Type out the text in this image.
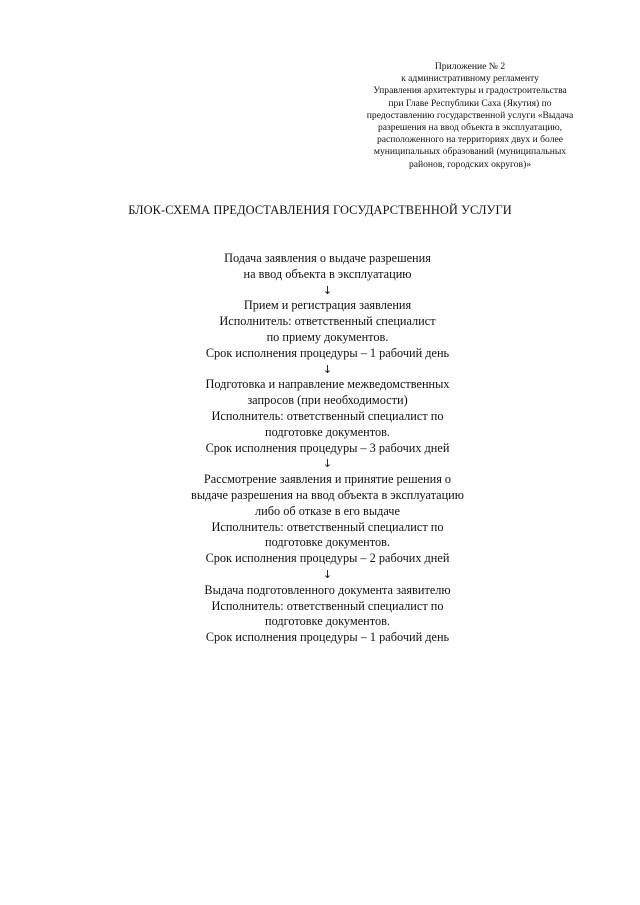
Приложение № 2
к административному регламенту
Управления архитектуры и градостроительства
при Главе Республики Саха (Якутия) по
предоставлению государственной услуги «Выдача
разрешения на ввод объекта в эксплуатацию,
расположенного на территориях двух и более
муниципальных образований (муниципальных
районов, городских округов)»
БЛОК-СХЕМА ПРЕДОСТАВЛЕНИЯ ГОСУДАРСТВЕННОЙ УСЛУГИ
Подача заявления о выдаче разрешения
на ввод объекта в эксплуатацию
↓
Прием и регистрация заявления
Исполнитель: ответственный специалист
по приему документов.
Срок исполнения процедуры – 1 рабочий день
↓
Подготовка и направление межведомственных
запросов (при необходимости)
Исполнитель: ответственный специалист по
подготовке документов.
Срок исполнения процедуры – 3 рабочих дней
↓
Рассмотрение заявления и принятие решения о
выдаче разрешения на ввод объекта в эксплуатацию
либо об отказе в его выдаче
Исполнитель: ответственный специалист по
подготовке документов.
Срок исполнения процедуры – 2 рабочих дней
↓
Выдача подготовленного документа заявителю
Исполнитель: ответственный специалист по
подготовке документов.
Срок исполнения процедуры – 1 рабочий день
